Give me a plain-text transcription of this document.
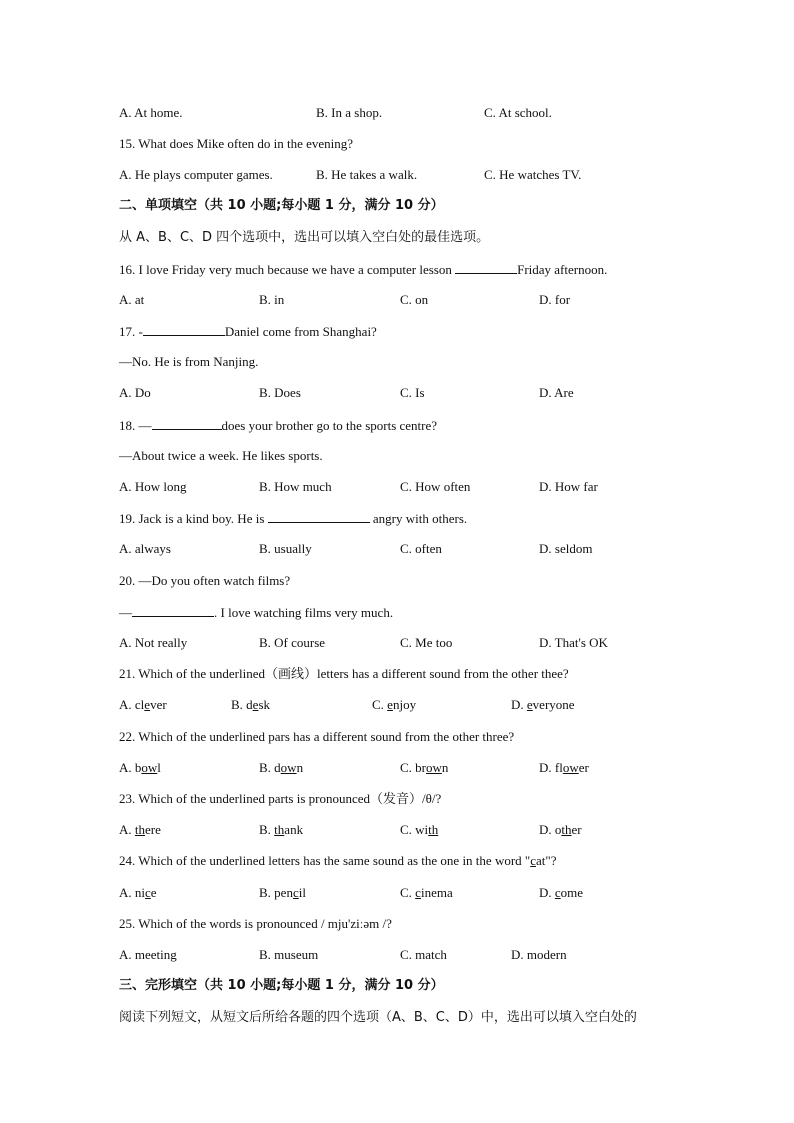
A. At home.	B. In a shop.	C. At school.
15. What does Mike often do in the evening?
A. He plays computer games.	B. He takes a walk.	C. He watches TV.
二、单项填空（共 10 小题;每小题 1 分，满分 10 分）
从 A、B、C、D 四个选项中，选出可以填入空白处的最佳选项。
16. I love Friday very much because we have a computer lesson	Friday afternoon.
A. at	B. in	C. on	D. for
17. -	Daniel come from Shanghai?
—No. He is from Nanjing.
A. Do	B. Does	C. Is	D. Are
18. —	does your brother go to the sports centre?
—About twice a week. He likes sports.
A. How long	B. How much	C. How often	D. How far
19. Jack is a kind boy. He is	angry with others.
A. always	B. usually	C. often	D. seldom
20. —Do you often watch films?
—	. I love watching films very much.
A. Not really	B. Of course	C. Me too	D. That's OK
21. Which of the underlined（画线）letters has a different sound from the other thee?
A. clever	B. desk	C. enjoy	D. everyone
22. Which of the underlined pars has a different sound from the other three?
A. bowl	B. down	C. brown	D. flower
23. Which of the underlined parts is pronounced（发音）/θ/?
A. there	B. thank	C. with	D. other
24. Which of the underlined letters has the same sound as the one in the word "cat"?
A. nice	B. pencil	C. cinema	D. come
25. Which of the words is pronounced / mju'ziːəm /?
A. meeting	B. museum	C. match	D. modern
三、完形填空（共 10 小题;每小题 1 分，满分 10 分）
阅读下列短文，从短文后所给各题的四个选项（A、B、C、D）中，选出可以填入空白处的
